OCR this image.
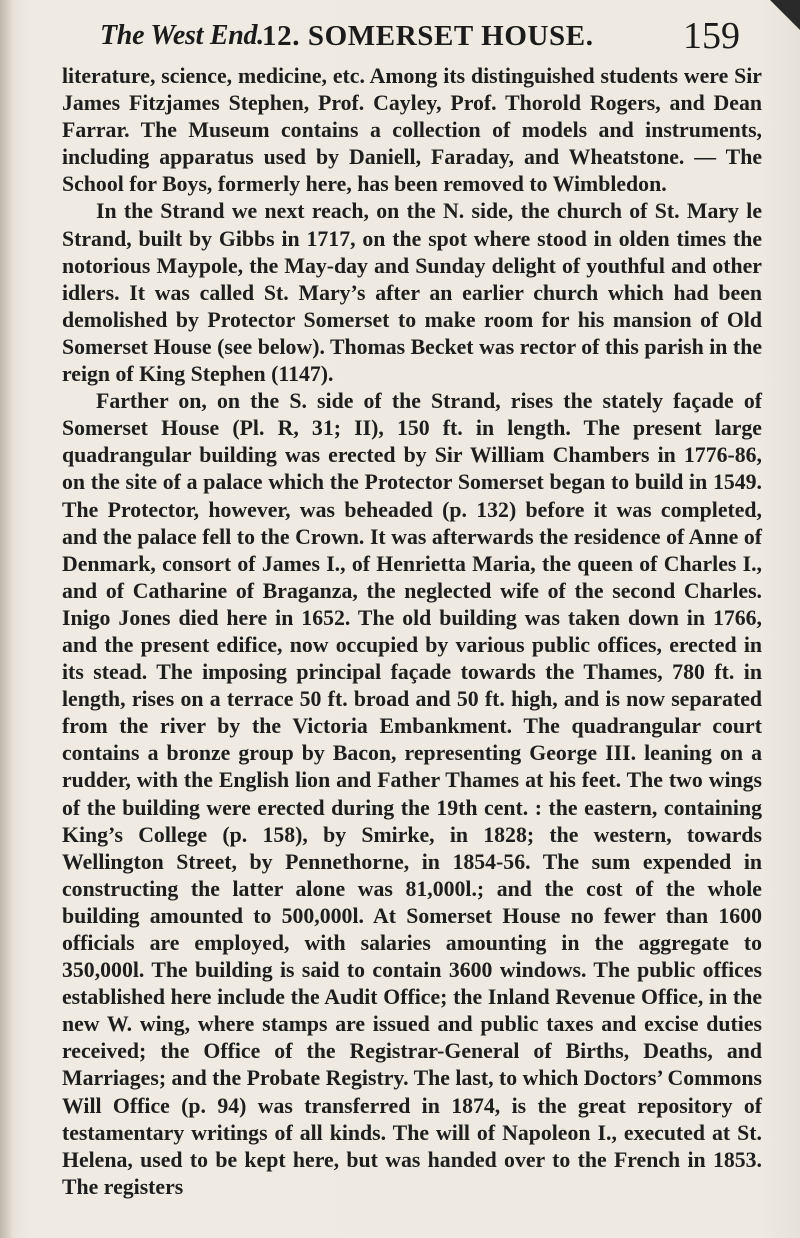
The West End.
12. SOMERSET HOUSE. 159

literature, science, medicine, etc. Among its distinguished students were Sir James Fitzjames Stephen, Prof. Cayley, Prof. Thorold Rogers, and Dean Farrar. The Museum contains a collection of models and instruments, including apparatus used by Daniell, Faraday, and Wheatstone. — The School for Boys, formerly here, has been removed to Wimbledon.

In the Strand we next reach, on the N. side, the church of St. Mary le Strand, built by Gibbs in 1717, on the spot where stood in olden times the notorious Maypole, the May-day and Sunday delight of youthful and other idlers. It was called St. Mary’s after an earlier church which had been demolished by Protector Somerset to make room for his mansion of Old Somerset House (see below). Thomas Becket was rector of this parish in the reign of King Stephen (1147).

Farther on, on the S. side of the Strand, rises the stately façade of Somerset House (Pl. R, 31; II), 150 ft. in length. The present large quadrangular building was erected by Sir William Chambers in 1776-86, on the site of a palace which the Protector Somerset began to build in 1549. The Protector, however, was beheaded (p. 132) before it was completed, and the palace fell to the Crown. It was afterwards the residence of Anne of Denmark, consort of James I., of Henrietta Maria, the queen of Charles I., and of Catharine of Braganza, the neglected wife of the second Charles. Inigo Jones died here in 1652. The old building was taken down in 1766, and the present edifice, now occupied by various public offices, erected in its stead. The imposing principal façade towards the Thames, 780 ft. in length, rises on a terrace 50 ft. broad and 50 ft. high, and is now separated from the river by the Victoria Embankment. The quadrangular court contains a bronze group by Bacon, representing George III. leaning on a rudder, with the English lion and Father Thames at his feet. The two wings of the building were erected during the 19th cent. : the eastern, containing King’s College (p. 158), by Smirke, in 1828; the western, towards Wellington Street, by Pennethorne, in 1854-56. The sum expended in constructing the latter alone was 81,000l.; and the cost of the whole building amounted to 500,000l. At Somerset House no fewer than 1600 officials are employed, with salaries amounting in the aggregate to 350,000l. The building is said to contain 3600 windows. The public offices established here include the Audit Office; the Inland Revenue Office, in the new W. wing, where stamps are issued and public taxes and excise duties received; the Office of the Registrar-General of Births, Deaths, and Marriages; and the Probate Registry. The last, to which Doctors’ Commons Will Office (p. 94) was transferred in 1874, is the great repository of testamentary writings of all kinds. The will of Napoleon I., executed at St. Helena, used to be kept here, but was handed over to the French in 1853. The registers
